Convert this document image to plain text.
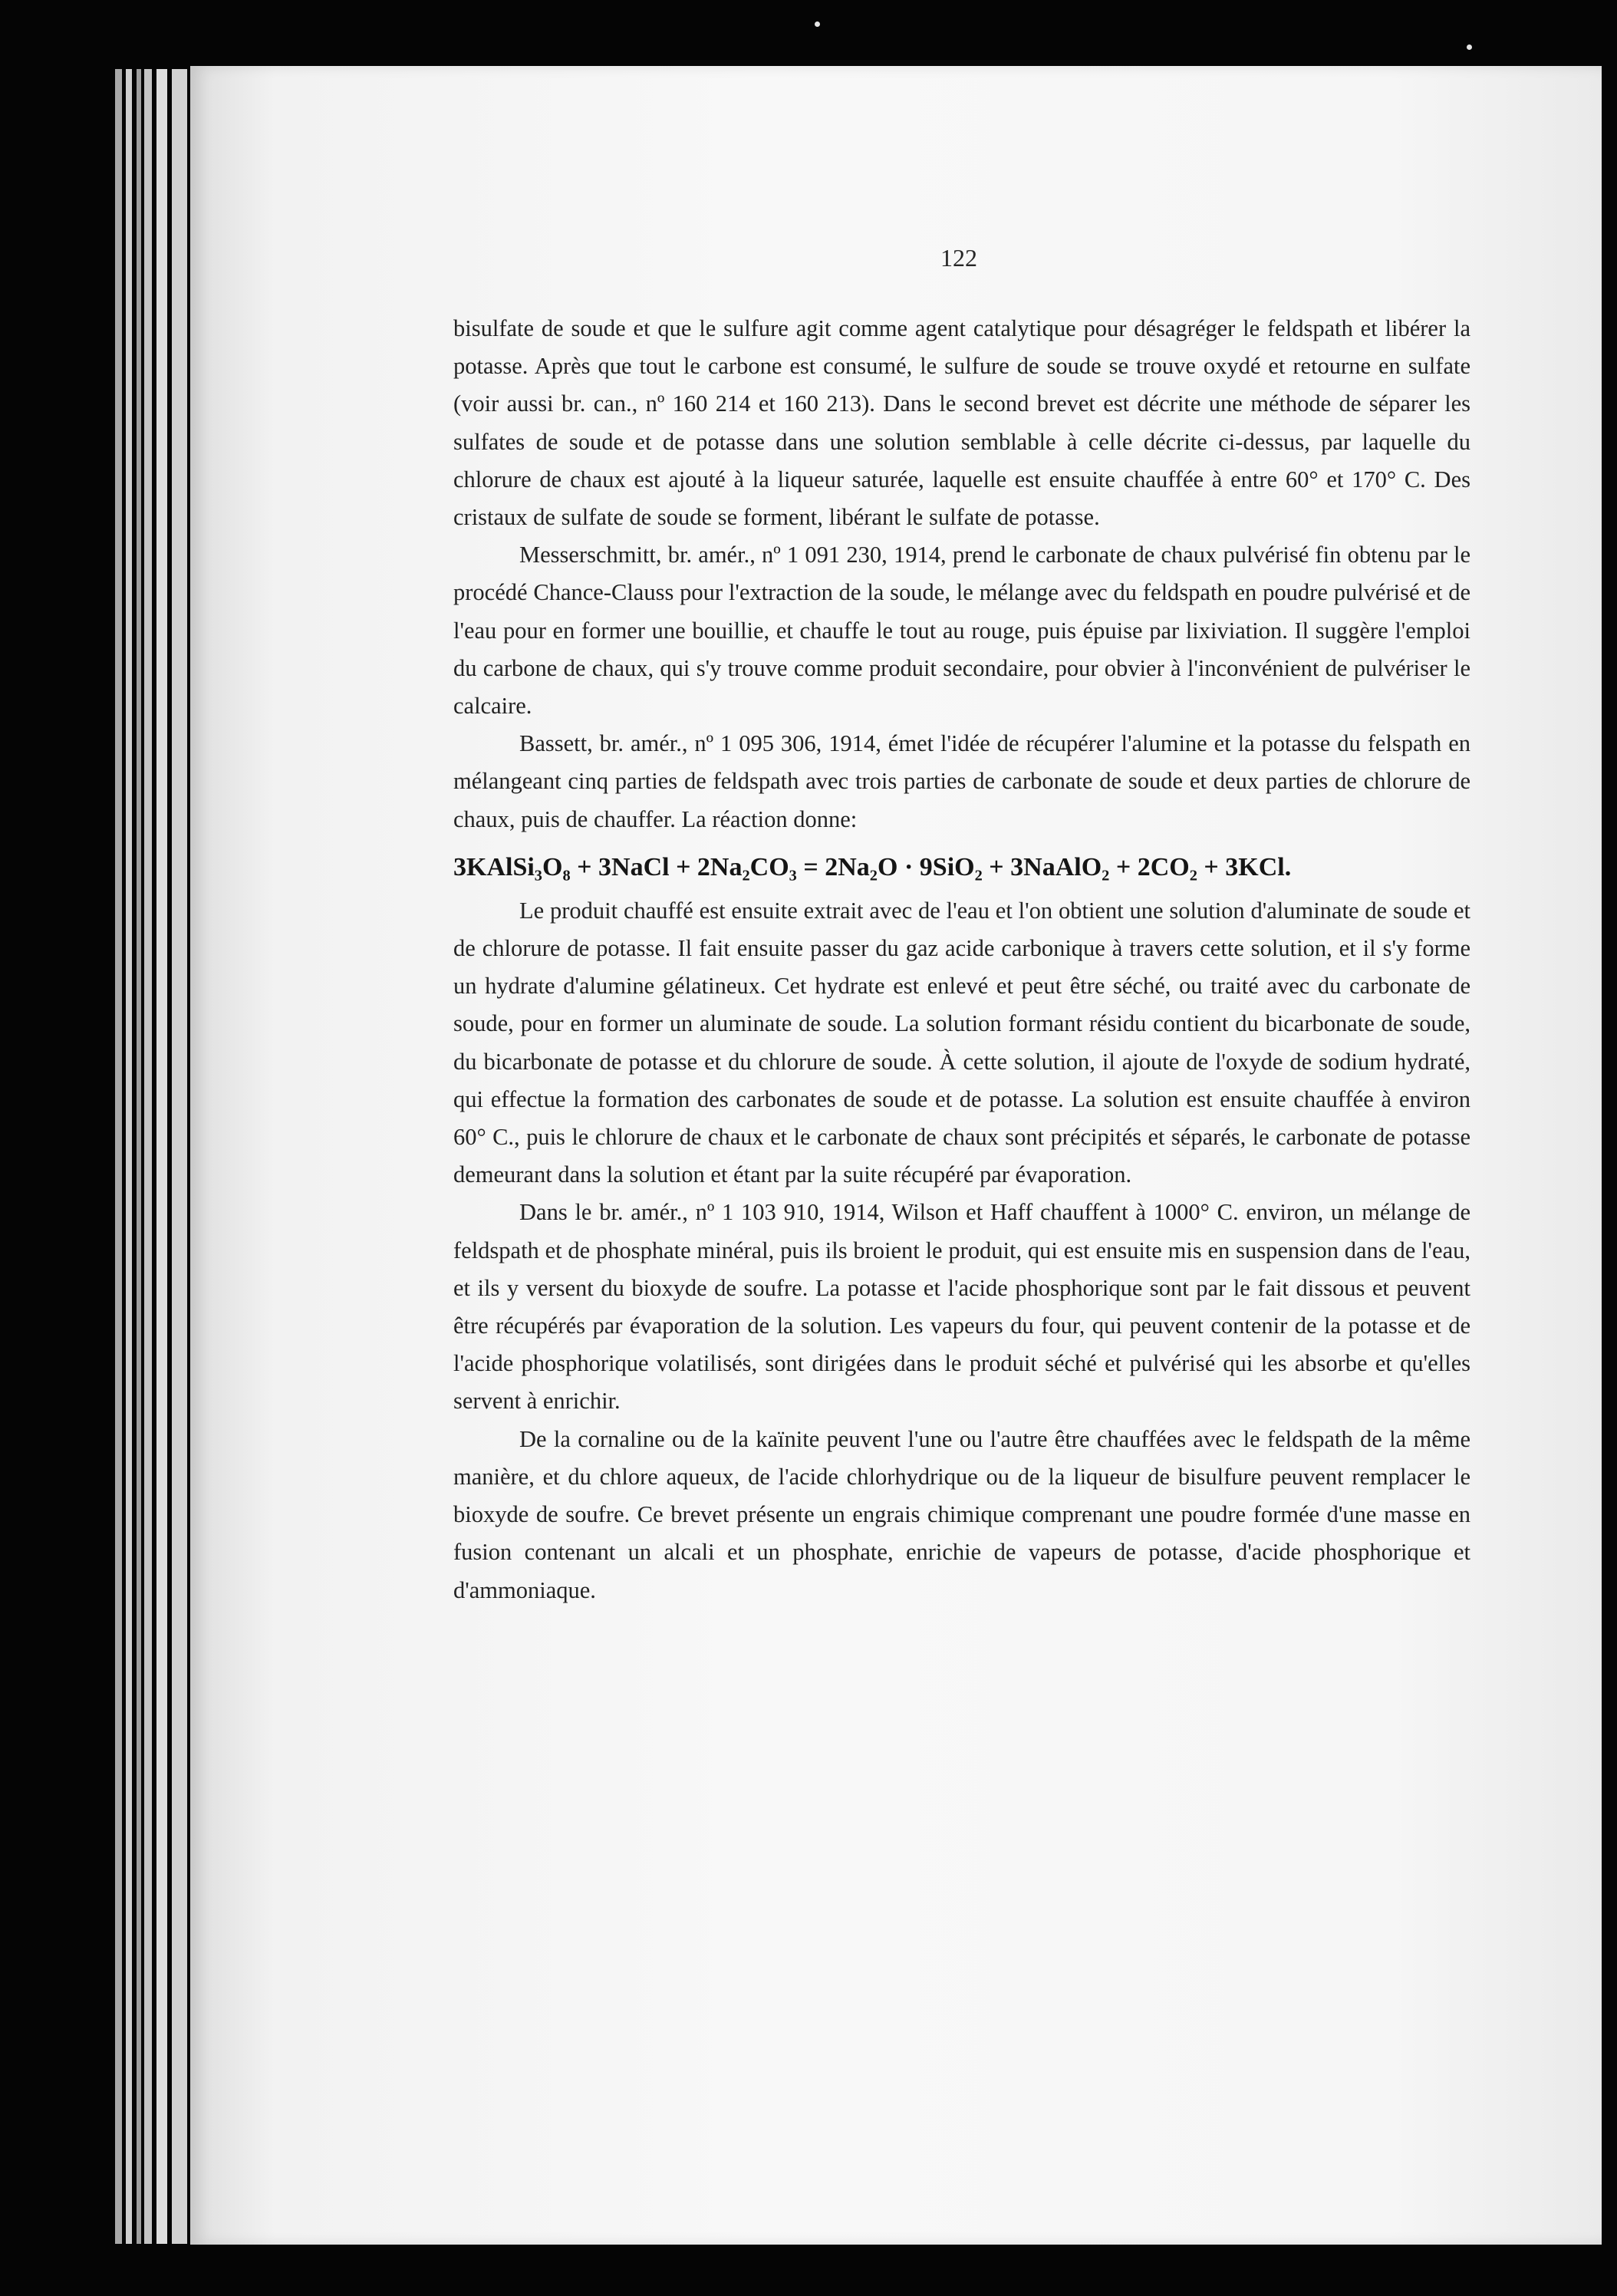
122

bisulfate de soude et que le sulfure agit comme agent catalytique pour désagréger le feldspath et libérer la potasse. Après que tout le carbone est consumé, le sulfure de soude se trouve oxydé et retourne en sulfate (voir aussi br. can., nº 160 214 et 160 213). Dans le second brevet est décrite une méthode de séparer les sulfates de soude et de potasse dans une solution semblable à celle décrite ci-dessus, par laquelle du chlorure de chaux est ajouté à la liqueur saturée, laquelle est ensuite chauffée à entre 60° et 170° C. Des cristaux de sulfate de soude se forment, libérant le sulfate de potasse.

Messerschmitt, br. amér., nº 1 091 230, 1914, prend le carbonate de chaux pulvérisé fin obtenu par le procédé Chance-Clauss pour l'extraction de la soude, le mélange avec du feldspath en poudre pulvérisé et de l'eau pour en former une bouillie, et chauffe le tout au rouge, puis épuise par lixiviation. Il suggère l'emploi du carbone de chaux, qui s'y trouve comme produit secondaire, pour obvier à l'inconvénient de pulvériser le calcaire.

Bassett, br. amér., nº 1 095 306, 1914, émet l'idée de récupérer l'alumine et la potasse du felspath en mélangeant cinq parties de feldspath avec trois parties de carbonate de soude et deux parties de chlorure de chaux, puis de chauffer. La réaction donne:

3KAlSi₃O₈ + 3NaCl + 2Na₂CO₃ = 2Na₂O · 9SiO₂ + 3NaAlO₂ + 2CO₂ + 3KCl.

Le produit chauffé est ensuite extrait avec de l'eau et l'on obtient une solution d'aluminate de soude et de chlorure de potasse. Il fait ensuite passer du gaz acide carbonique à travers cette solution, et il s'y forme un hydrate d'alumine gélatineux. Cet hydrate est enlevé et peut être séché, ou traité avec du carbonate de soude, pour en former un aluminate de soude. La solution formant résidu contient du bicarbonate de soude, du bicarbonate de potasse et du chlorure de soude. À cette solution, il ajoute de l'oxyde de sodium hydraté, qui effectue la formation des carbonates de soude et de potasse. La solution est ensuite chauffée à environ 60° C., puis le chlorure de chaux et le carbonate de chaux sont précipités et séparés, le carbonate de potasse demeurant dans la solution et étant par la suite récupéré par évaporation.

Dans le br. amér., nº 1 103 910, 1914, Wilson et Haff chauffent à 1000° C. environ, un mélange de feldspath et de phosphate minéral, puis ils broient le produit, qui est ensuite mis en suspension dans de l'eau, et ils y versent du bioxyde de soufre. La potasse et l'acide phosphorique sont par le fait dissous et peuvent être récupérés par évaporation de la solution. Les vapeurs du four, qui peuvent contenir de la potasse et de l'acide phosphorique volatilisés, sont dirigées dans le produit séché et pulvérisé qui les absorbe et qu'elles servent à enrichir.

De la cornaline ou de la kaïnite peuvent l'une ou l'autre être chauffées avec le feldspath de la même manière, et du chlore aqueux, de l'acide chlorhydrique ou de la liqueur de bisulfure peuvent remplacer le bioxyde de soufre. Ce brevet présente un engrais chimique comprenant une poudre formée d'une masse en fusion contenant un alcali et un phosphate, enrichie de vapeurs de potasse, d'acide phosphorique et d'ammoniaque.
